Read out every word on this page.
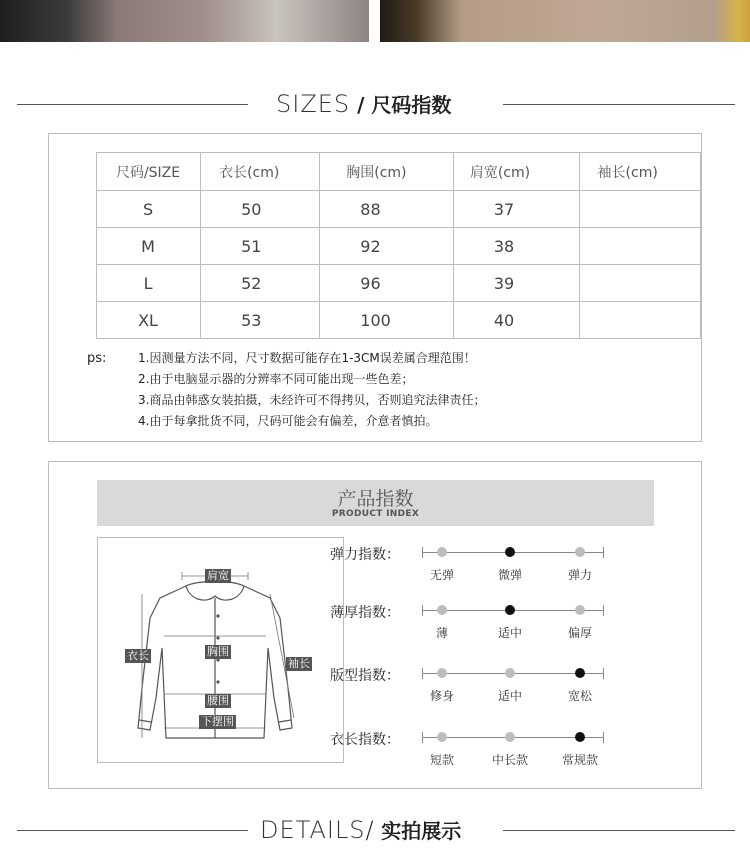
SIZES / 尺码指数
尺码/SIZE	衣长(cm)	胸围(cm)	肩宽(cm)	袖长(cm)
S	50	88	37	
M	51	92	38	
L	52	96	39	
XL	53	100	40	
ps:	1.因测量方法不同，尺寸数据可能存在1-3CM误差属合理范围！
2.由于电脑显示器的分辨率不同可能出现一些色差；
3.商品由韩惑女装拍摄，未经许可不得拷贝，否则追究法律责任；
4.由于每拿批货不同，尺码可能会有偏差，介意者慎拍。
产品指数
PRODUCT INDEX
肩宽
衣长	胸围
袖长
腰围
下摆围
弹力指数：
无弹	微弹	弹力
薄厚指数：
薄	适中	偏厚
版型指数：
修身	适中	宽松
衣长指数：
短款	中长款	常规款
DETAILS/ 实拍展示
